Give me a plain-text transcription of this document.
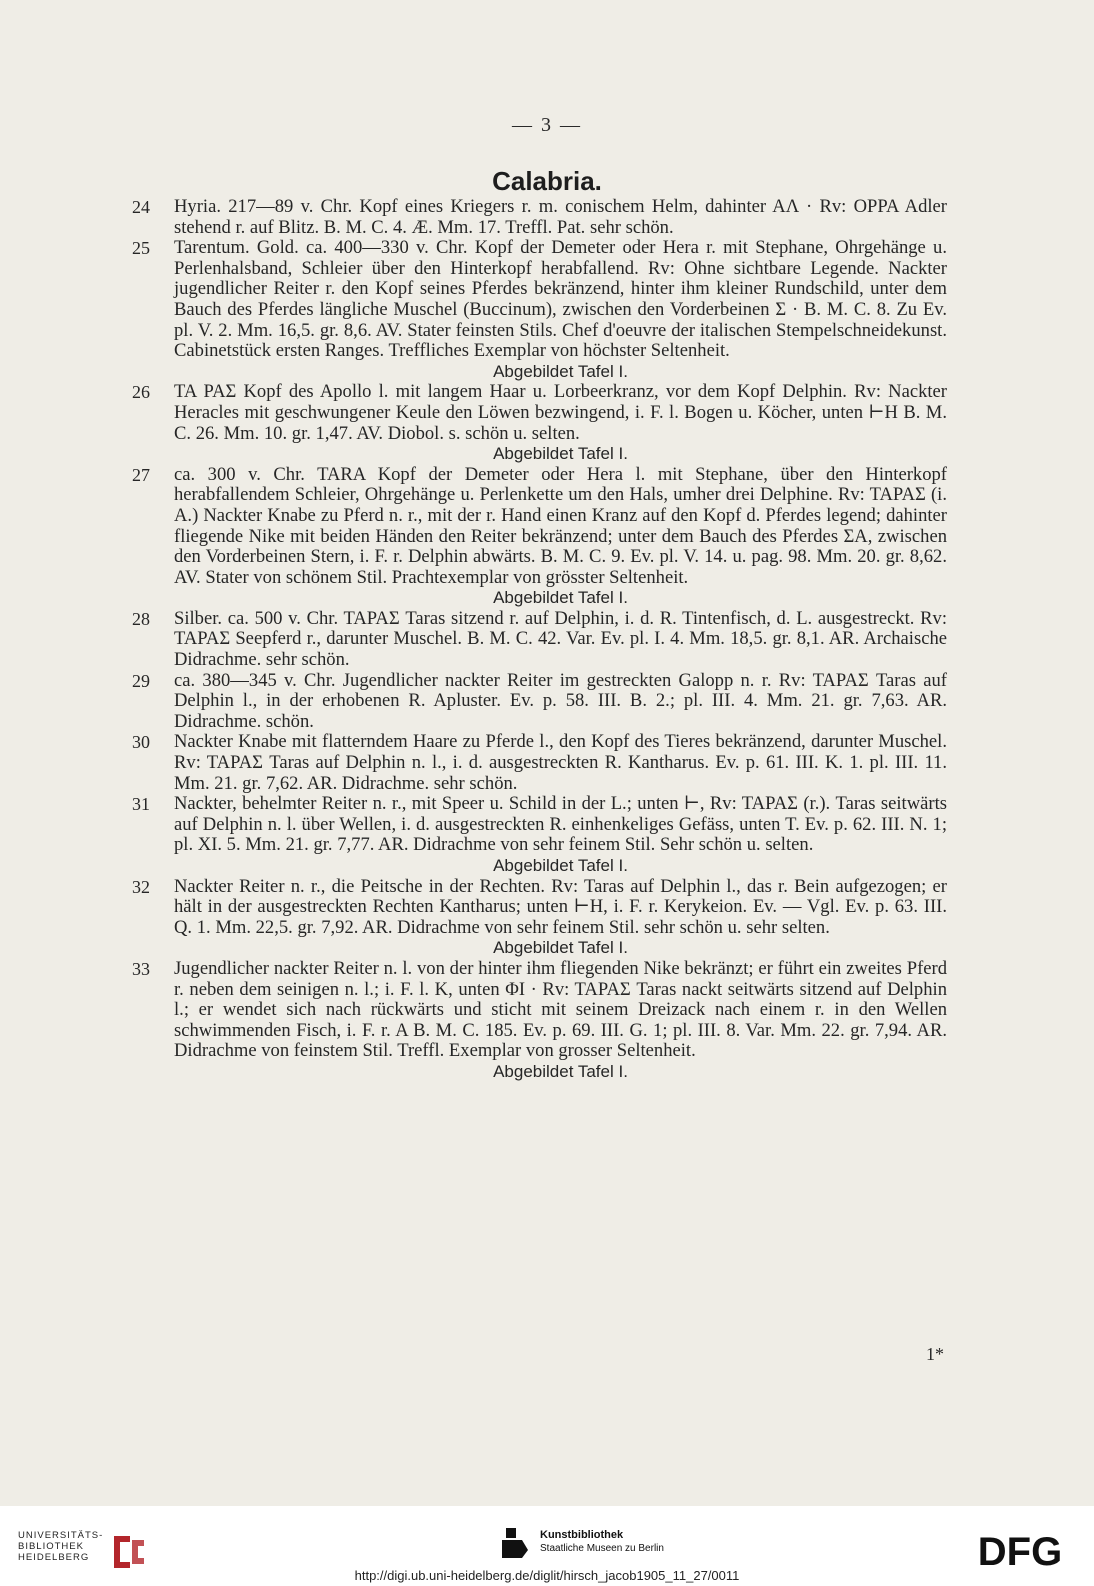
— 3 —
Calabria.
24 Hyria. 217—89 v. Chr. Kopf eines Kriegers r. m. conischem Helm, dahinter AΛ · Rv: OPPA Adler stehend r. auf Blitz. B. M. C. 4. Æ. Mm. 17. Treffl. Pat. sehr schön.
25 Tarentum. Gold. ca. 400—330 v. Chr. Kopf der Demeter oder Hera r. mit Stephane, Ohrgehänge u. Perlenhalsband, Schleier über den Hinterkopf herabfallend. Rv: Ohne sichtbare Legende. Nackter jugendlicher Reiter r. den Kopf seines Pferdes bekränzend, hinter ihm kleiner Rundschild, unter dem Bauch des Pferdes längliche Muschel (Buccinum), zwischen den Vorderbeinen Σ · B. M. C. 8. Zu Ev. pl. V. 2. Mm. 16,5. gr. 8,6. AV. Stater feinsten Stils. Chef d'oeuvre der italischen Stempelschneidekunst. Cabinetstück ersten Ranges. Treffliches Exemplar von höchster Seltenheit.
Abgebildet Tafel I.
26 TA PAΣ Kopf des Apollo l. mit langem Haar u. Lorbeerkranz, vor dem Kopf Delphin. Rv: Nackter Heracles mit geschwungener Keule den Löwen bezwingend, i. F. l. Bogen u. Köcher, unten ⊢H B. M. C. 26. Mm. 10. gr. 1,47. AV. Diobol. s. schön u. selten.
Abgebildet Tafel I.
27 ca. 300 v. Chr. TARA Kopf der Demeter oder Hera l. mit Stephane, über den Hinterkopf herabfallendem Schleier, Ohrgehänge u. Perlenkette um den Hals, umher drei Delphine. Rv: TAPAΣ (i. A.) Nackter Knabe zu Pferd n. r., mit der r. Hand einen Kranz auf den Kopf d. Pferdes legend; dahinter fliegende Nike mit beiden Händen den Reiter bekränzend; unter dem Bauch des Pferdes ΣA, zwischen den Vorderbeinen Stern, i. F. r. Delphin abwärts. B. M. C. 9. Ev. pl. V. 14. u. pag. 98. Mm. 20. gr. 8,62. AV. Stater von schönem Stil. Prachtexemplar von grösster Seltenheit.
Abgebildet Tafel I.
28 Silber. ca. 500 v. Chr. TAPAΣ Taras sitzend r. auf Delphin, i. d. R. Tintenfisch, d. L. ausgestreckt. Rv: TAPAΣ Seepferd r., darunter Muschel. B. M. C. 42. Var. Ev. pl. I. 4. Mm. 18,5. gr. 8,1. AR. Archaische Didrachme. sehr schön.
29 ca. 380—345 v. Chr. Jugendlicher nackter Reiter im gestreckten Galopp n. r. Rv: TAPAΣ Taras auf Delphin l., in der erhobenen R. Apluster. Ev. p. 58. III. B. 2.; pl. III. 4. Mm. 21. gr. 7,63. AR. Didrachme. schön.
30 Nackter Knabe mit flatterndem Haare zu Pferde l., den Kopf des Tieres bekränzend, darunter Muschel. Rv: TAPAΣ Taras auf Delphin n. l., i. d. ausgestreckten R. Kantharus. Ev. p. 61. III. K. 1. pl. III. 11. Mm. 21. gr. 7,62. AR. Didrachme. sehr schön.
31 Nackter, behelmter Reiter n. r., mit Speer u. Schild in der L.; unten ⊢, Rv: TAPAΣ (r.). Taras seitwärts auf Delphin n. l. über Wellen, i. d. ausgestreckten R. einhenkeliges Gefäss, unten T. Ev. p. 62. III. N. 1; pl. XI. 5. Mm. 21. gr. 7,77. AR. Didrachme von sehr feinem Stil. Sehr schön u. selten.
Abgebildet Tafel I.
32 Nackter Reiter n. r., die Peitsche in der Rechten. Rv: Taras auf Delphin l., das r. Bein aufgezogen; er hält in der ausgestreckten Rechten Kantharus; unten ⊢H, i. F. r. Kerykeion. Ev. — Vgl. Ev. p. 63. III. Q. 1. Mm. 22,5. gr. 7,92. AR. Didrachme von sehr feinem Stil. sehr schön u. sehr selten.
Abgebildet Tafel I.
33 Jugendlicher nackter Reiter n. l. von der hinter ihm fliegenden Nike bekränzt; er führt ein zweites Pferd r. neben dem seinigen n. l.; i. F. l. K, unten ΦI · Rv: TAPAΣ Taras nackt seitwärts sitzend auf Delphin l.; er wendet sich nach rückwärts und sticht mit seinem Dreizack nach einem r. in den Wellen schwimmenden Fisch, i. F. r. A B. M. C. 185. Ev. p. 69. III. G. 1; pl. III. 8. Var. Mm. 22. gr. 7,94. AR. Didrachme von feinstem Stil. Treffl. Exemplar von grosser Seltenheit.
Abgebildet Tafel I.
1*
UNIVERSITÄTS-
BIBLIOTHEK
HEIDELBERG
Kunstbibliothek
Staatliche Museen zu Berlin	DFG
http://digi.ub.uni-heidelberg.de/diglit/hirsch_jacob1905_11_27/0011
